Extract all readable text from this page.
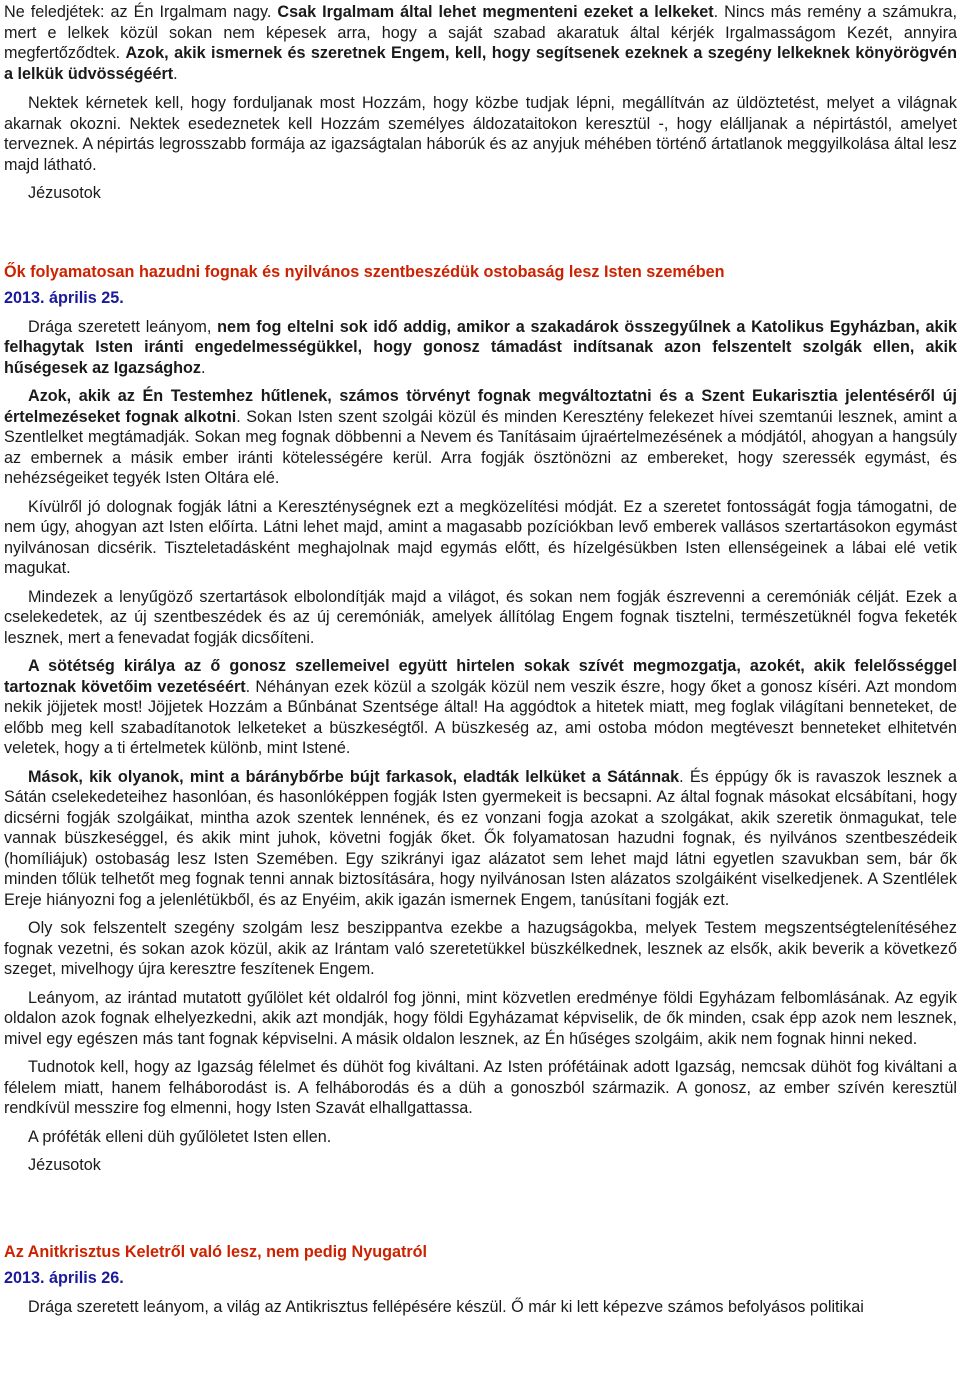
Ne feledjétek: az Én Irgalmam nagy. Csak Irgalmam által lehet megmenteni ezeket a lelkeket. Nincs más remény a számukra, mert e lelkek közül sokan nem képesek arra, hogy a saját szabad akaratuk által kérjék Irgalmasságom Kezét, annyira megfertőződtek. Azok, akik ismernek és szeretnek Engem, kell, hogy segítsenek ezeknek a szegény lelkeknek könyörögvén a lelkük üdvösségéért.

Nektek kérnetek kell, hogy forduljanak most Hozzám, hogy közbe tudjak lépni, megállítván az üldöztetést, melyet a világnak akarnak okozni. Nektek esedeznetek kell Hozzám személyes áldozataitokon keresztül -, hogy elálljanak a népirtástól, amelyet terveznek. A népirtás legrosszabb formája az igazságtalan háborúk és az anyjuk méhében történő ártatlanok meggyilkolása által lesz majd látható.

Jézusotok

Ők folyamatosan hazudni fognak és nyilvános szentbeszédük ostobaság lesz Isten szemében
2013. április 25.

Drága szeretett leányom, nem fog eltelni sok idő addig, amikor a szakadárok összegyűlnek a Katolikus Egyházban, akik felhagytak Isten iránti engedelmességükkel, hogy gonosz támadást indítsanak azon felszentelt szolgák ellen, akik hűségesek az Igazsághoz.

Azok, akik az Én Testemhez hűtlenek, számos törvényt fognak megváltoztatni és a Szent Eukarisztia jelentéséről új értelmezéseket fognak alkotni. Sokan Isten szent szolgái közül és minden Keresztény felekezet hívei szemtanúi lesznek, amint a Szentlelket megtámadják. Sokan meg fognak döbbenni a Nevem és Tanításaim újraértelmezésének a módjától, ahogyan a hangsúly az embernek a másik ember iránti kötelességére kerül. Arra fogják ösztönözni az embereket, hogy szeressék egymást, és nehézségeiket tegyék Isten Oltára elé.

Kívülről jó dolognak fogják látni a Kereszténységnek ezt a megközelítési módját. Ez a szeretet fontosságát fogja támogatni, de nem úgy, ahogyan azt Isten előírta. Látni lehet majd, amint a magasabb pozíciókban levő emberek vallásos szertartásokon egymást nyilvánosan dicsérik. Tiszteletadásként meghajolnak majd egymás előtt, és hízelgésükben Isten ellenségeinek a lábai elé vetik magukat.

Mindezek a lenyűgöző szertartások elbolondítják majd a világot, és sokan nem fogják észrevenni a ceremóniák célját. Ezek a cselekedetek, az új szentbeszédek és az új ceremóniák, amelyek állítólag Engem fognak tisztelni, természetüknél fogva feketék lesznek, mert a fenevadat fogják dicsőíteni.

A sötétség királya az ő gonosz szellemeivel együtt hirtelen sokak szívét megmozgatja, azokét, akik felelősséggel tartoznak követőim vezetéséért. Néhányan ezek közül a szolgák közül nem veszik észre, hogy őket a gonosz kíséri. Azt mondom nekik jöjjetek most! Jöjjetek Hozzám a Bűnbánat Szentsége által! Ha aggódtok a hitetek miatt, meg foglak világítani benneteket, de előbb meg kell szabadítanotok lelketeket a büszkeségtől. A büszkeség az, ami ostoba módon megtéveszt benneteket elhitetvén veletek, hogy a ti értelmetek különb, mint Istené.

Mások, kik olyanok, mint a báránybőrbe bújt farkasok, eladták lelküket a Sátánnak. És éppúgy ők is ravaszok lesznek a Sátán cselekedeteihez hasonlóan, és hasonlóképpen fogják Isten gyermekeit is becsapni. Az által fognak másokat elcsábítani, hogy dicsérni fogják szolgáikat, mintha azok szentek lennének, és ez vonzani fogja azokat a szolgákat, akik szeretik önmagukat, tele vannak büszkeséggel, és akik mint juhok, követni fogják őket. Ők folyamatosan hazudni fognak, és nyilvános szentbeszédeik (homíliájuk) ostobaság lesz Isten Szemében. Egy szikrányi igaz alázatot sem lehet majd látni egyetlen szavukban sem, bár ők minden tőlük telhetőt meg fognak tenni annak biztosítására, hogy nyilvánosan Isten alázatos szolgáiként viselkedjenek. A Szentlélek Ereje hiányozni fog a jelenlétükből, és az Enyéim, akik igazán ismernek Engem, tanúsítani fogják ezt.

Oly sok felszentelt szegény szolgám lesz beszippantva ezekbe a hazugságokba, melyek Testem megszentségtelenítéséhez fognak vezetni, és sokan azok közül, akik az Irántam való szeretetükkel büszkélkednek, lesznek az elsők, akik beverik a következő szeget, mivelhogy újra keresztre feszítenek Engem.

Leányom, az irántad mutatott gyűlölet két oldalról fog jönni, mint közvetlen eredménye földi Egyházam felbomlásának. Az egyik oldalon azok fognak elhelyezkedni, akik azt mondják, hogy földi Egyházamat képviselik, de ők minden, csak épp azok nem lesznek, mivel egy egészen más tant fognak képviselni. A másik oldalon lesznek, az Én hűséges szolgáim, akik nem fognak hinni neked.

Tudnotok kell, hogy az Igazság félelmet és dühöt fog kiváltani. Az Isten prófétáinak adott Igazság, nemcsak dühöt fog kiváltani a félelem miatt, hanem felháborodást is. A felháborodás és a düh a gonoszból származik. A gonosz, az ember szívén keresztül rendkívül messzire fog elmenni, hogy Isten Szavát elhallgattassa.

A próféták elleni düh gyűlöletet Isten ellen.

Jézusotok

Az Anitkrisztus Keletről való lesz, nem pedig Nyugatról
2013. április 26.

Drága szeretett leányom, a világ az Antikrisztus fellépésére készül. Ő már ki lett képezve számos befolyásos politikai
